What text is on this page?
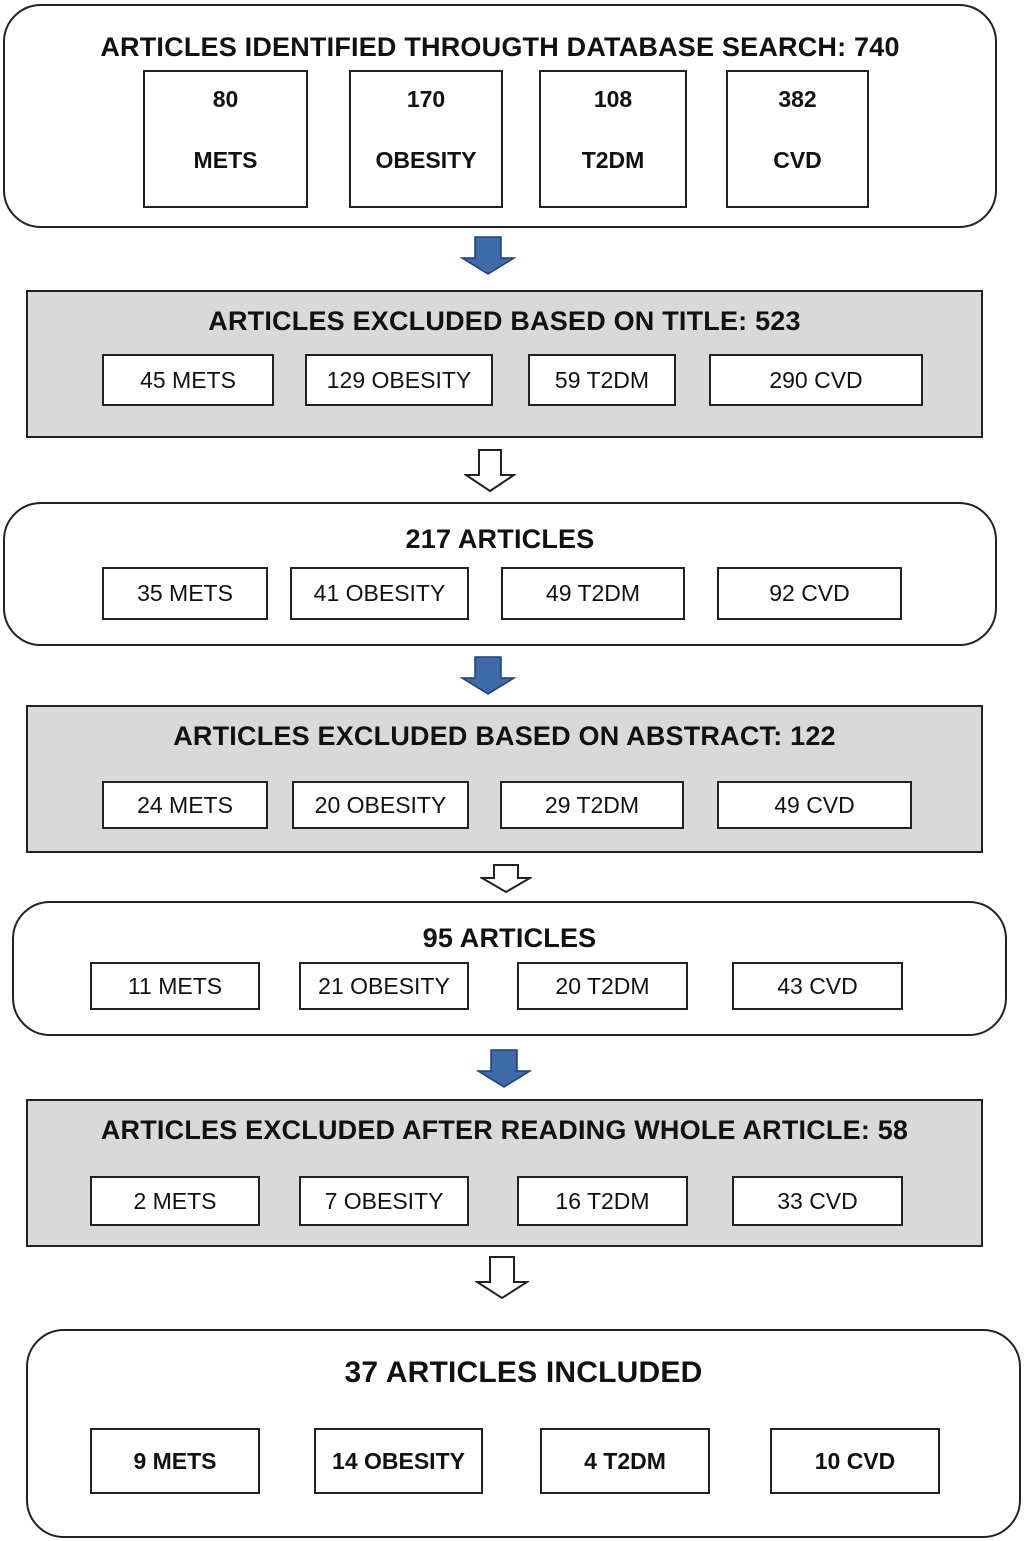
ARTICLES IDENTIFIED THROUGTH DATABASE SEARCH: 740
80
METS
170
OBESITY
108
T2DM
382
CVD
ARTICLES EXCLUDED BASED ON TITLE: 523
45 METS	129 OBESITY	59 T2DM	290 CVD
217 ARTICLES
35 METS	41 OBESITY	49 T2DM	92 CVD
ARTICLES EXCLUDED BASED ON ABSTRACT: 122
24 METS	20 OBESITY	29 T2DM	49 CVD
95 ARTICLES
11 METS	21 OBESITY	20 T2DM	43 CVD
ARTICLES EXCLUDED AFTER READING WHOLE ARTICLE: 58
2 METS	7 OBESITY	16 T2DM	33 CVD
37 ARTICLES INCLUDED
9 METS	14 OBESITY	4 T2DM	10 CVD
